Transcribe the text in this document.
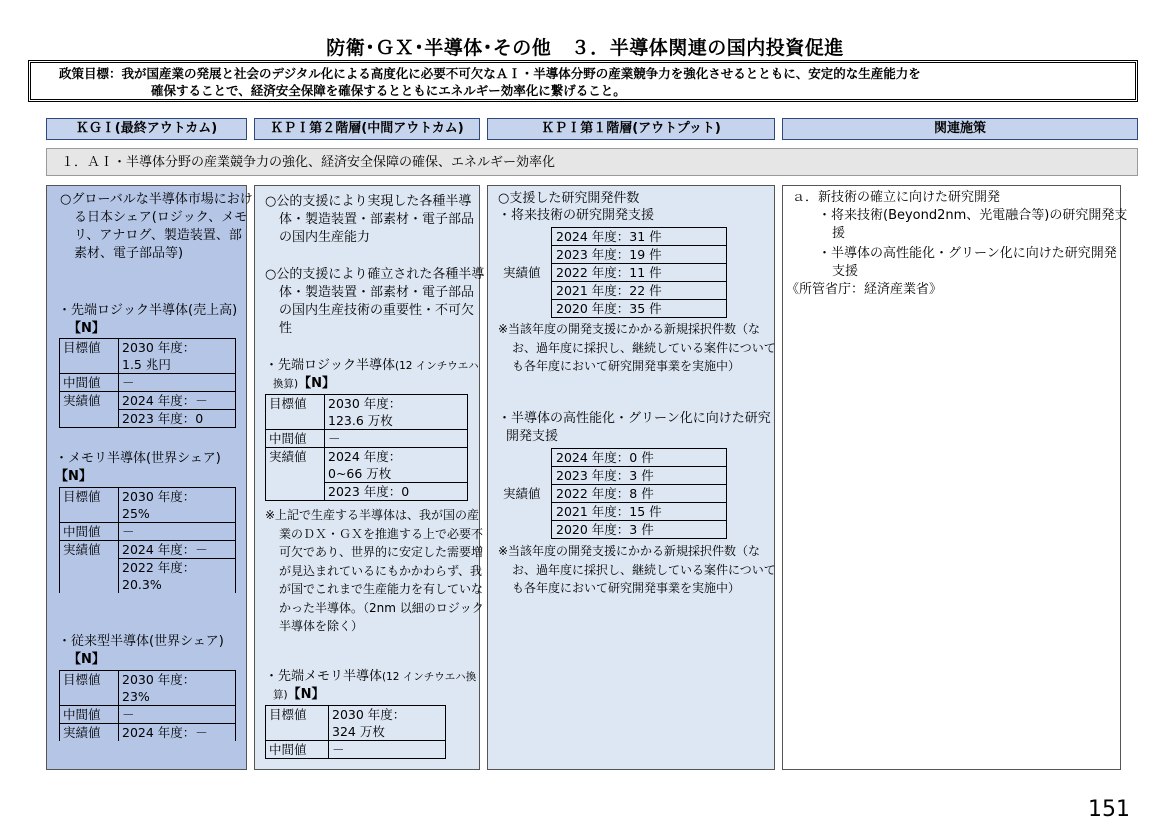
防衛･ＧＸ･半導体･その他　３．半導体関連の国内投資促進
政策目標：我が国産業の発展と社会のデジタル化による高度化に必要不可欠なＡＩ・半導体分野の産業競争力を強化させるとともに、安定的な生産能力を
確保することで、経済安全保障を確保するとともにエネルギー効率化に繋げること。
ＫＧＩ(最終アウトカム)	ＫＰＩ第２階層(中間アウトカム)	ＫＰＩ第１階層(アウトプット)	関連施策
１．ＡＩ・半導体分野の産業競争力の強化、経済安全保障の確保、エネルギー効率化
○グローバルな半導体市場における日本シェア(ロジック、メモリ、アナログ、製造装置、部素材、電子部品等)
・先端ロジック半導体(売上高)【N】
目標値	2030 年度：
	1.5 兆円
中間値	－
実績値	2024 年度：－
	2023 年度：0
・メモリ半導体(世界シェア)
【N】
目標値	2030 年度：
	25%
中間値	－
実績値	2024 年度：－
	2022 年度：
	20.3%
・従来型半導体(世界シェア)【N】
目標値	2030 年度：
	23%
中間値	－
実績値	2024 年度：－
○公的支援により実現した各種半導体・製造装置・部素材・電子部品の国内生産能力
○公的支援により確立された各種半導体・製造装置・部素材・電子部品の国内生産技術の重要性・不可欠性
・先端ロジック半導体(12 インチウエハ換算)【N】
目標値	2030 年度：
	123.6 万枚
中間値	－
実績値	2024 年度：
	0~66 万枚
	2023 年度：0
※上記で生産する半導体は、我が国の産業のＤＸ・ＧＸを推進する上で必要不可欠であり、世界的に安定した需要増が見込まれているにもかかわらず、我が国でこれまで生産能力を有していなかった半導体。（2nm 以細のロジック半導体を除く）
・先端メモリ半導体(12 インチウエハ換算)【N】
目標値	2030 年度：
	324 万枚
中間値	－
○支援した研究開発件数
・将来技術の研究開発支援
実績値	2024 年度：31 件
2023 年度：19 件
2022 年度：11 件
2021 年度：22 件
2020 年度：35 件
※当該年度の開発支援にかかる新規採択件数（なお、過年度に採択し、継続している案件についても各年度において研究開発事業を実施中）
・半導体の高性能化・グリーン化に向けた研究開発支援
実績値	2024 年度：0 件
2023 年度：3 件
2022 年度：8 件
2021 年度：15 件
2020 年度：3 件
※当該年度の開発支援にかかる新規採択件数（なお、過年度に採択し、継続している案件についても各年度において研究開発事業を実施中）
ａ．新技術の確立に向けた研究開発
・将来技術(Beyond2nm、光電融合等)の研究開発支援
・半導体の高性能化・グリーン化に向けた研究開発支援
《所管省庁：経済産業省》
151
